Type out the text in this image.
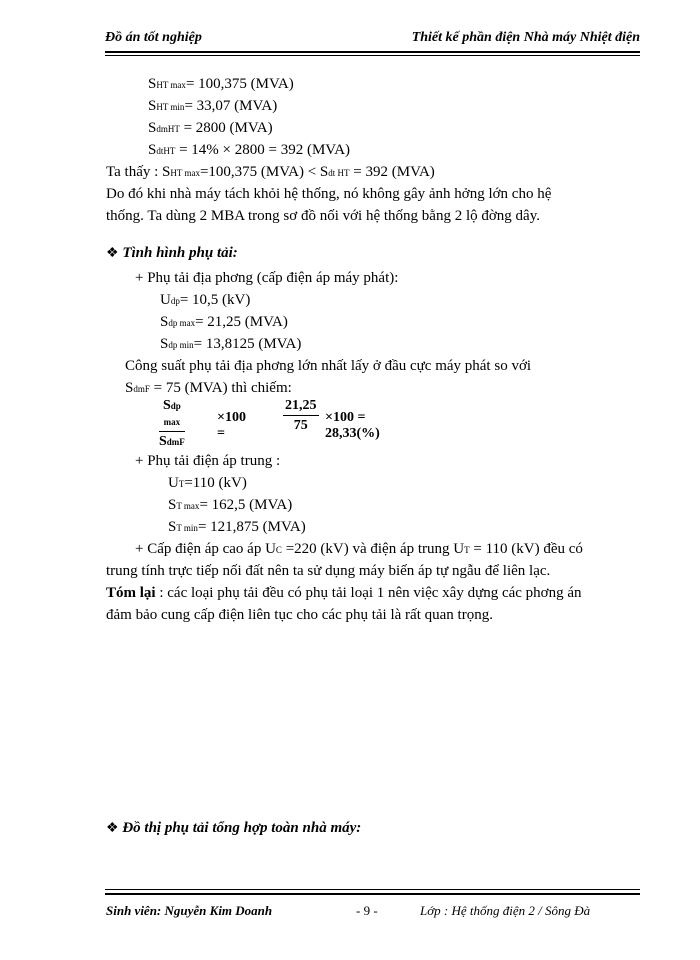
Đồ án tốt nghiệp	Thiết kế phần điện Nhà máy Nhiệt điện
SHT max= 100,375 (MVA)
SHT min= 33,07 (MVA)
SdmHT = 2800 (MVA)
SdtHT = 14% × 2800 = 392 (MVA)
Ta thấy : SHT max=100,375 (MVA) < Sdt HT = 392 (MVA)
Do đó khi nhà máy tách khỏi hệ thống, nó không gây ảnh hởng lớn cho hệ
thống. Ta dùng 2 MBA trong sơ đồ nối với hệ thống bằng 2 lộ đờng dây.
❖ Tình hình phụ tải:
+ Phụ tải địa phơng (cấp điện áp máy phát):
Udp= 10,5 (kV)
Sdp max= 21,25 (MVA)
Sdp min= 13,8125 (MVA)
Công suất phụ tải địa phơng lớn nhất lấy ở đầu cực máy phát so với
SdmF = 75 (MVA) thì chiếm:
Sdp max
SdmF
×100 =
21,25
75
×100 = 28,33(%)
+ Phụ tải điện áp trung :
UT=110 (kV)
ST max= 162,5 (MVA)
ST min= 121,875 (MVA)
+ Cấp điện áp cao áp UC =220 (kV) và điện áp trung UT = 110 (kV) đều có
trung tính trực tiếp nối đất nên ta sử dụng máy biến áp tự ngẫu để liên lạc.
Tóm lại : các loại phụ tải đều có phụ tải loại 1 nên việc xây dựng các phơng án
đảm bảo cung cấp điện liên tục cho các phụ tải là rất quan trọng.
❖ Đồ thị phụ tải tổng hợp toàn nhà máy:
Sinh viên: Nguyễn Kim Doanh	- 9 -	Lớp : Hệ thống điện 2 / Sông Đà
